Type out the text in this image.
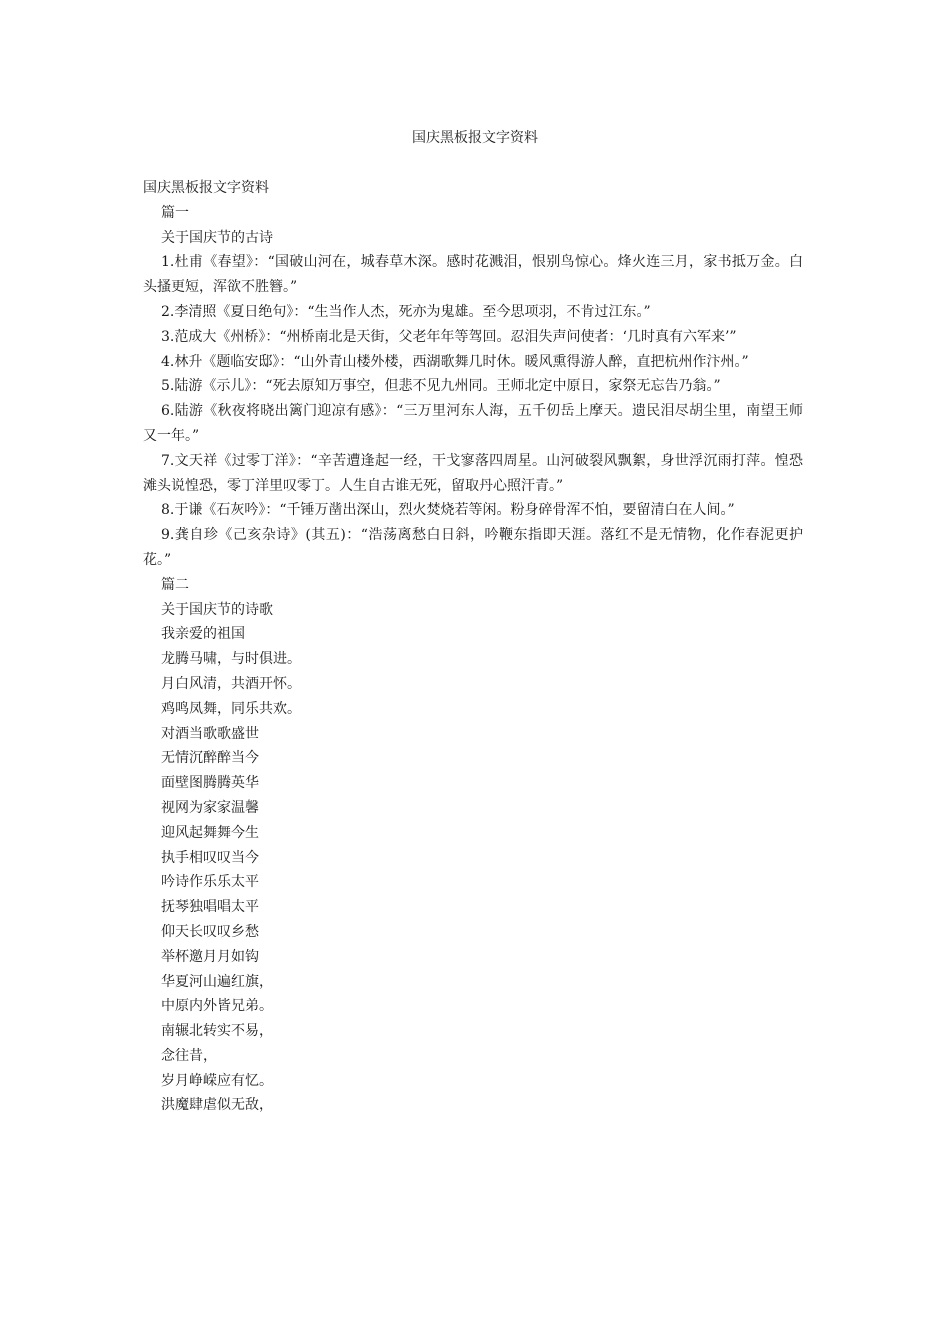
国庆黑板报文字资料
国庆黑板报文字资料
篇一
关于国庆节的古诗
1.杜甫《春望》：“国破山河在，城春草木深。感时花溅泪，恨别鸟惊心。烽火连三月，家书抵万金。白头搔更短，浑欲不胜簪。”
2.李清照《夏日绝句》：“生当作人杰，死亦为鬼雄。至今思项羽，不肯过江东。”
3.范成大《州桥》：“州桥南北是天街，父老年年等驾回。忍泪失声问使者：‘几时真有六军来’”
4.林升《题临安邸》：“山外青山楼外楼，西湖歌舞几时休。暖风熏得游人醉，直把杭州作汴州。”
5.陆游《示儿》：“死去原知万事空，但悲不见九州同。王师北定中原日，家祭无忘告乃翁。”
6.陆游《秋夜将晓出篱门迎凉有感》：“三万里河东人海，五千仞岳上摩天。遗民泪尽胡尘里，南望王师又一年。”
7.文天祥《过零丁洋》：“辛苦遭逢起一经，干戈寥落四周星。山河破裂风飘絮，身世浮沉雨打萍。惶恐滩头说惶恐，零丁洋里叹零丁。人生自古谁无死，留取丹心照汗青。”
8.于谦《石灰吟》：“千锤万凿出深山，烈火焚烧若等闲。粉身碎骨浑不怕，要留清白在人间。”
9.龚自珍《己亥杂诗》(其五)：“浩荡离愁白日斜，吟鞭东指即天涯。落红不是无情物，化作春泥更护花。”
篇二
关于国庆节的诗歌
我亲爱的祖国
龙腾马啸，与时俱进。
月白风清，共酒开怀。
鸡鸣凤舞，同乐共欢。
对酒当歌歌盛世
无情沉醉醉当今
面壁图腾腾英华
视网为家家温馨
迎风起舞舞今生
执手相叹叹当今
吟诗作乐乐太平
抚琴独唱唱太平
仰天长叹叹乡愁
举杯邀月月如钩
华夏河山遍红旗，
中原内外皆兄弟。
南辗北转实不易，
念往昔，
岁月峥嵘应有忆。
洪魔肆虐似无敌，
